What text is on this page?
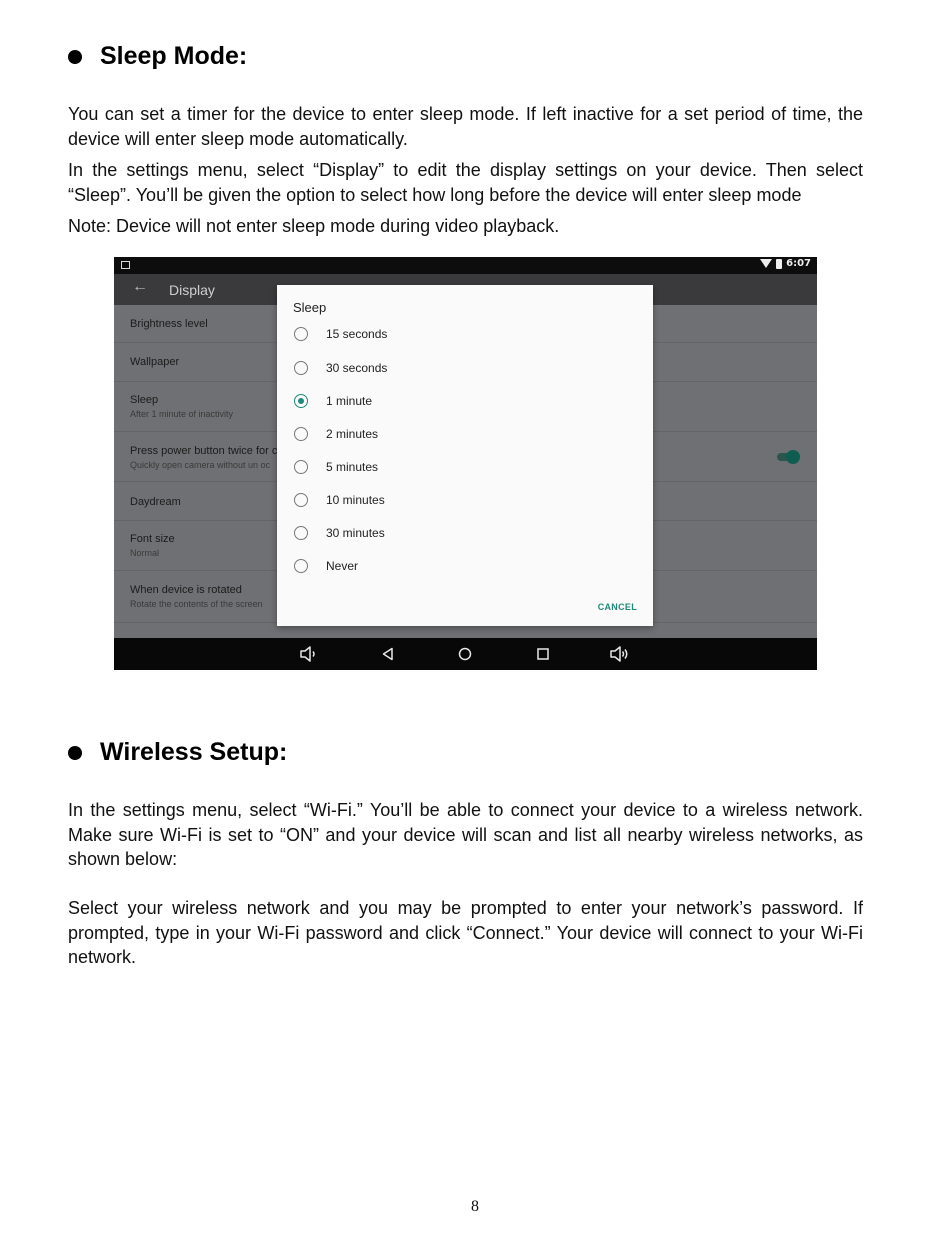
Sleep Mode:

You can set a timer for the device to enter sleep mode. If left inactive for a set period of time, the device will enter sleep mode automatically.

In the settings menu, select “Display” to edit the display settings on your device. Then select “Sleep”. You’ll be given the option to select how long before the device will enter sleep mode

Note: Device will not enter sleep mode during video playback.

6:07
← Display
Brightness level
Wallpaper
Sleep
After 1 minute of inactivity
Press power button twice for c
Quickly open camera without un oc
Daydream
Font size
Normal
When device is rotated
Rotate the contents of the screen
Sleep
15 seconds
30 seconds
1 minute
2 minutes
5 minutes
10 minutes
30 minutes
Never
CANCEL
Wireless Setup:

In the settings menu, select “Wi-Fi.” You’ll be able to connect your device to a wireless network. Make sure Wi-Fi is set to “ON” and your device will scan and list all nearby wireless networks, as shown below:

Select your wireless network and you may be prompted to enter your network’s password. If prompted, type in your Wi-Fi password and click “Connect.” Your device will connect to your Wi-Fi network.

8
